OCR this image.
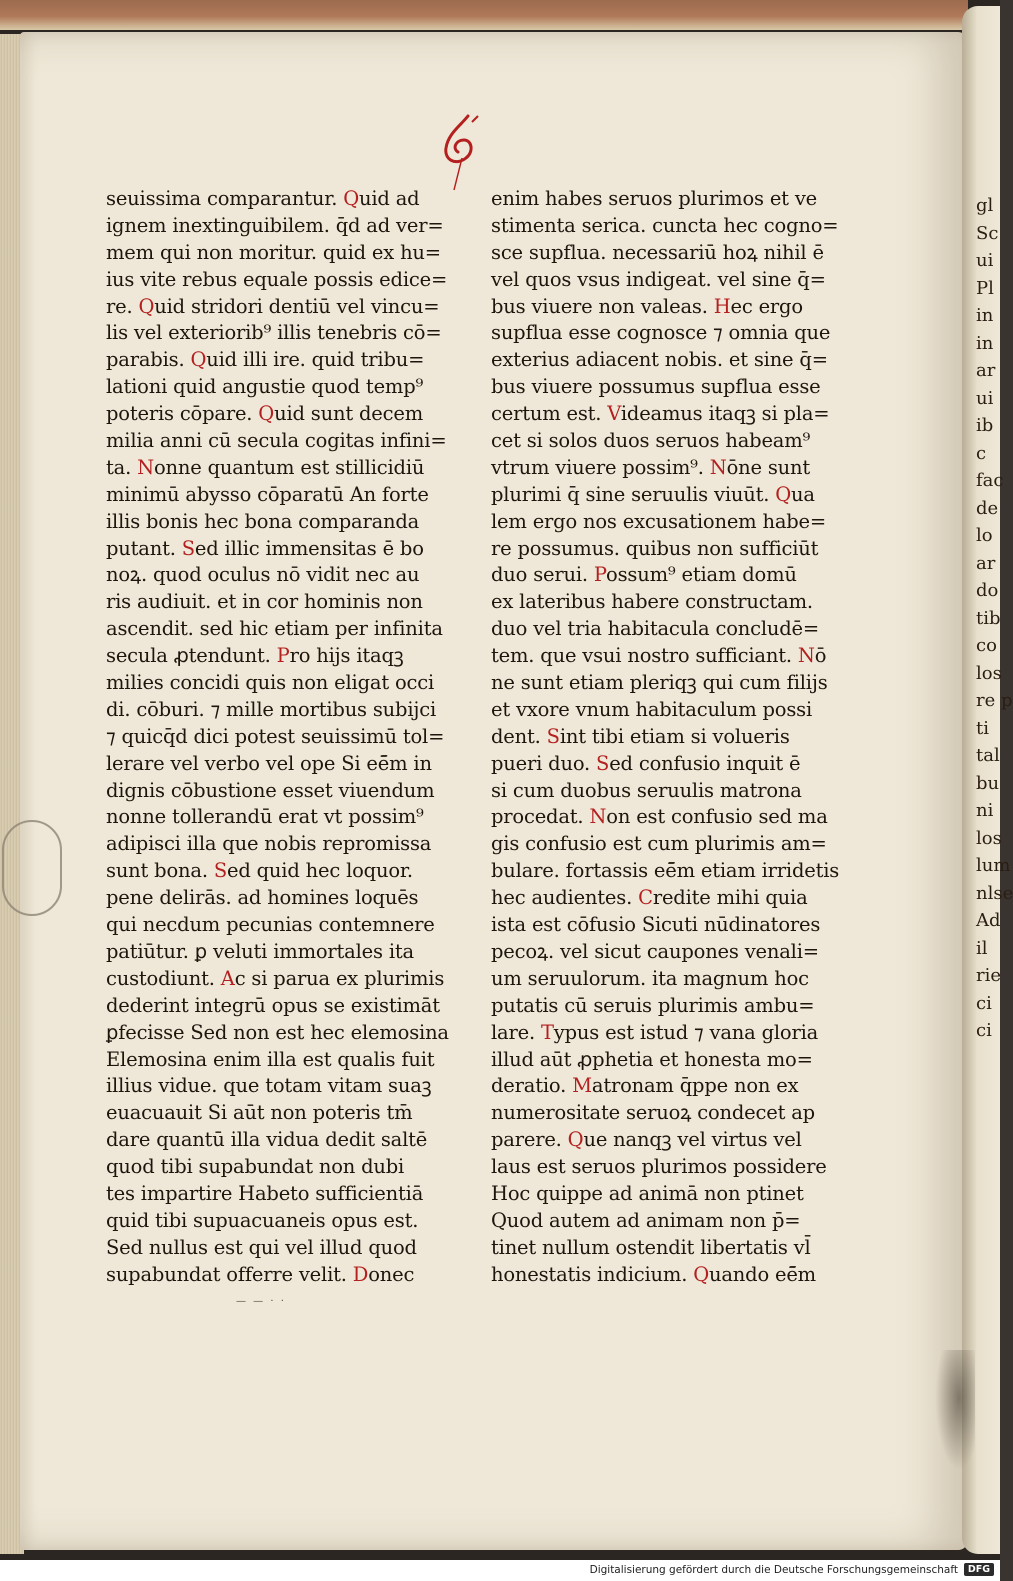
d
gl
Sc
ui
Pl
in
in
ar
ui
ib
c
fac
de
lo
ar
do
tib
co
los
re p
ti
tal
bu
ni
los
lum
nlse
Ad
il
rie
ci
ci
seuissima comparantur. Quid ad
ignem inextinguibilem. qd ad ver=
mem qui non moritur. quid ex hu=
ius vite rebus equale possis edice=
re. Quid stridori dentiū vel vincu=
lis vel exteriorib⁹ illis tenebris cō=
parabis. Quid illi ire. quid tribu=
lationi quid angustie quod temp⁹
poteris cōpare. Quid sunt decem
milia anni cū secula cogitas infini=
ta. Nonne quantum est stillicidiū
minimū abysso cōparatū An forte
illis bonis hec bona comparanda
putant. Sed illic immensitas ē bo
noꝝ. quod oculus nō vidit nec au
ris audiuit. et in cor hominis non
ascendit. sed hic etiam per infinita
secula ꝓtendunt. Pro hijs itaqꝫ
milies concidi quis non eligat occi
di. cōburi. ⁊ mille mortibus subijci
⁊ quicqd dici potest seuissimū tol=
lerare vel verbo vel ope Si eēm in
dignis cōbustione esset viuendum
nonne tollerandū erat vt possim⁹
adipisci illa que nobis repromissa
sunt bona. Sed quid hec loquor.
pene delirās. ad homines loquēs
qui necdum pecunias contemnere
patiūtur. ꝑ veluti immortales ita
custodiunt. Ac si parua ex plurimis
dederint integrū opus se existimāt
ꝑfecisse Sed non est hec elemosina
Elemosina enim illa est qualis fuit
illius vidue. que totam vitam suaꝫ
euacuauit Si aūt non poteris tm
dare quantū illa vidua dedit saltē
quod tibi supabundat non dubi
tes impartire Habeto sufficientiā
quid tibi supuacuaneis opus est.
Sed nullus est qui vel illud quod
supabundat offerre velit. Donec
enim habes seruos plurimos et ve
stimenta serica. cuncta hec cogno=
sce supflua. necessariū hoꝝ nihil ē
vel quos vsus indigeat. vel sine q=
bus viuere non valeas. Hec ergo
supflua esse cognosce ⁊ omnia que
exterius adiacent nobis. et sine q=
bus viuere possumus supflua esse
certum est. Videamus itaqꝫ si pla=
cet si solos duos seruos habeam⁹
vtrum viuere possim⁹. Nōne sunt
plurimi q sine seruulis viuūt. Qua
lem ergo nos excusationem habe=
re possumus. quibus non sufficiūt
duo serui. Possum⁹ etiam domū
ex lateribus habere constructam.
duo vel tria habitacula concludē=
tem. que vsui nostro sufficiant. Nō
ne sunt etiam pleriqꝫ qui cum filijs
et vxore vnum habitaculum possi
dent. Sint tibi etiam si volueris
pueri duo. Sed confusio inquit ē
si cum duobus seruulis matrona
procedat. Non est confusio sed ma
gis confusio est cum plurimis am=
bulare. fortassis eēm etiam irridetis
hec audientes. Credite mihi quia
ista est cōfusio Sicuti nūdinatores
pecoꝝ. vel sicut caupones venali=
um seruulorum. ita magnum hoc
putatis cū seruis plurimis ambu=
lare. Typus est istud ⁊ vana gloria
illud aūt ꝓphetia et honesta mo=
deratio. Matronam qppe non ex
numerositate seruoꝝ condecet ap
parere. Que nanqꝫ vel virtus vel
laus est seruos plurimos possidere
Hoc quippe ad animā non ptinet
Quod autem ad animam non p=
tinet nullum ostendit libertatis vl
honestatis indicium. Quando eēm
— — · ·
Digitalisierung gefördert durch die Deutsche Forschungsgemeinschaft	DFG
